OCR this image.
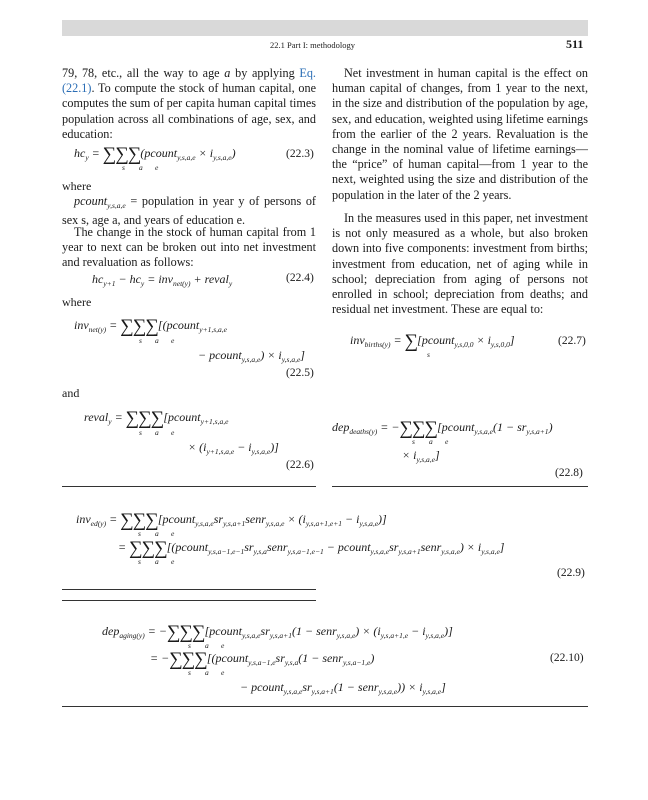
22.1 Part I: methodology	511

79, 78, etc., all the way to age a by applying Eq. (22.1). To compute the stock of human capital, one computes the sum of per capita human capital times population across all combinations of age, sex, and education:

$hc_y$ = ∑∑∑(pcount$_{y,s,a,e}$ × $i_{y,s,a,e}$)
s a e
(22.3)
where

pcount$_{y,s,a,e}$ = population in year y of persons of sex s, age a, and years of education e.

The change in the stock of human capital from 1 year to next can be broken out into net investment and revaluation as follows:

$hc_{y+1} - hc_y = inv_{net(y)}$ + reval$_y$	(22.4)
where
inv$_{net(y)}$ = ∑∑∑[(pcount$_{y+1,s,a,e}$
s a e
− pcount$_{y,s,a,e}$) × $i_{y,s,a,e}$]
(22.5)
and
reval$_y$ = ∑∑∑[pcount$_{y+1,s,a,e}$
s a e
× $(i_{y+1,s,a,e} - i_{y,s,a,e})$]
(22.6)

Net investment in human capital is the effect on human capital of changes, from 1 year to the next, in the size and distribution of the population by age, sex, and education, weighted using lifetime earnings from the earlier of the 2 years. Revaluation is the change in the nominal value of lifetime earnings—the “price” of human capital—from 1 year to the next, weighted using the size and distribution of the population in the later of the 2 years.

In the measures used in this paper, net investment is not only measured as a whole, but also broken down into five components: investment from births; investment from education, net of aging while in school; depreciation from aging of persons not enrolled in school; depreciation from deaths; and residual net investment. These are equal to:

inv$_{births(y)}$ = ∑[pcount$_{y,s,0,0}$ × $i_{y,s,0,0}$]
s
(22.7)
dep$_{deaths(y)}$ = −∑∑∑[pcount$_{y,s,a,e}$(1 − $sr_{y,s,a+1}$)
s a e
× $i_{y,s,a,e}$]
(22.8)
$inv_{ed(y)} = \sum\sum\sum[pcount_{y,s,a,e}sr_{y,s,a+1}senr_{y,s,a,e} \times (i_{y,s,a+1,e+1} - i_{y,s,a,e})]$
s a e
= $\sum\sum\sum[(pcount_{y,s,a-1,e-1}sr_{y,s,a}senr_{y,s,a-1,e-1}$ − $pcount_{y,s,a,e}sr_{y,s,a+1}senr_{y,s,a,e}) \times i_{y,s,a,e}$]
s a e
(22.9)
$dep_{aging(y)} = -\sum\sum\sum[pcount_{y,s,a,e}sr_{y,s,a+1}(1$ − senr$_{y,s,a,e}$) × $(i_{y,s,a+1,e} - i_{y,s,a,e})$]
s a e
= $-\sum\sum\sum[(pcount_{y,s,a-1,e}sr_{y,s,a}(1$ − senr$_{y,s,a-1,e}$)
s a e
(22.10)
− $pcount_{y,s,a,e}sr_{y,s,a+1}(1$ − senr$_{y,s,a,e}$)) × $i_{y,s,a,e}$]
